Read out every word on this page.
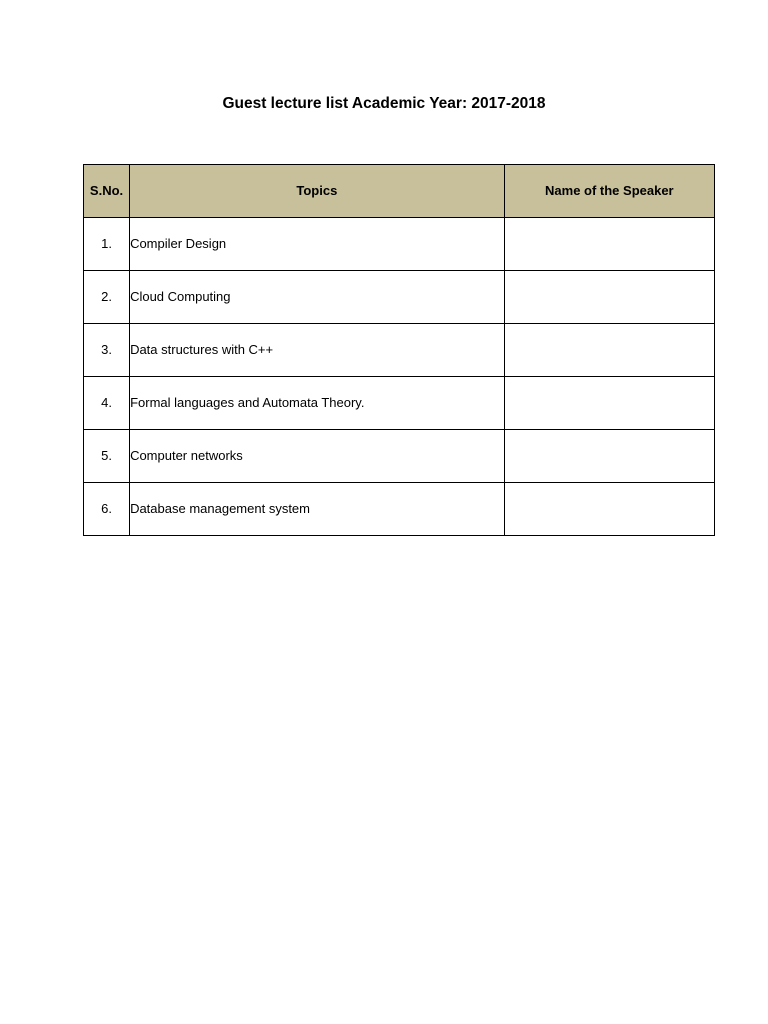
Guest lecture list Academic Year: 2017-2018
S.No.	Topics	Name of the Speaker
1.	Compiler Design	
2.	Cloud Computing	
3.	Data structures with C++	
4.	Formal languages and Automata Theory.	
5.	Computer networks	
6.	Database management system	
